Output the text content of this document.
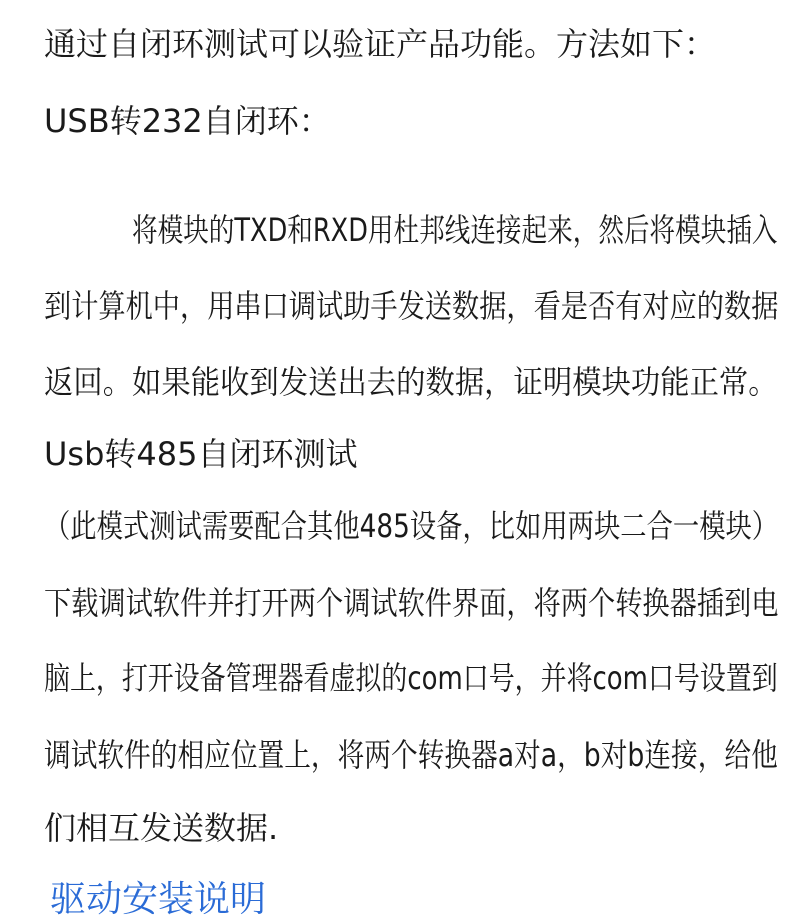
通过自闭环测试可以验证产品功能。方法如下：
USB转232自闭环：
将模块的TXD和RXD用杜邦线连接起来，然后将模块插入
到计算机中，用串口调试助手发送数据，看是否有对应的数据
返回。如果能收到发送出去的数据，证明模块功能正常。
Usb转485自闭环测试
（此模式测试需要配合其他485设备，比如用两块二合一模块）
下载调试软件并打开两个调试软件界面，将两个转换器插到电
脑上，打开设备管理器看虚拟的com口号，并将com口号设置到
调试软件的相应位置上，将两个转换器a对a，b对b连接，给他
们相互发送数据.
驱动安装说明
